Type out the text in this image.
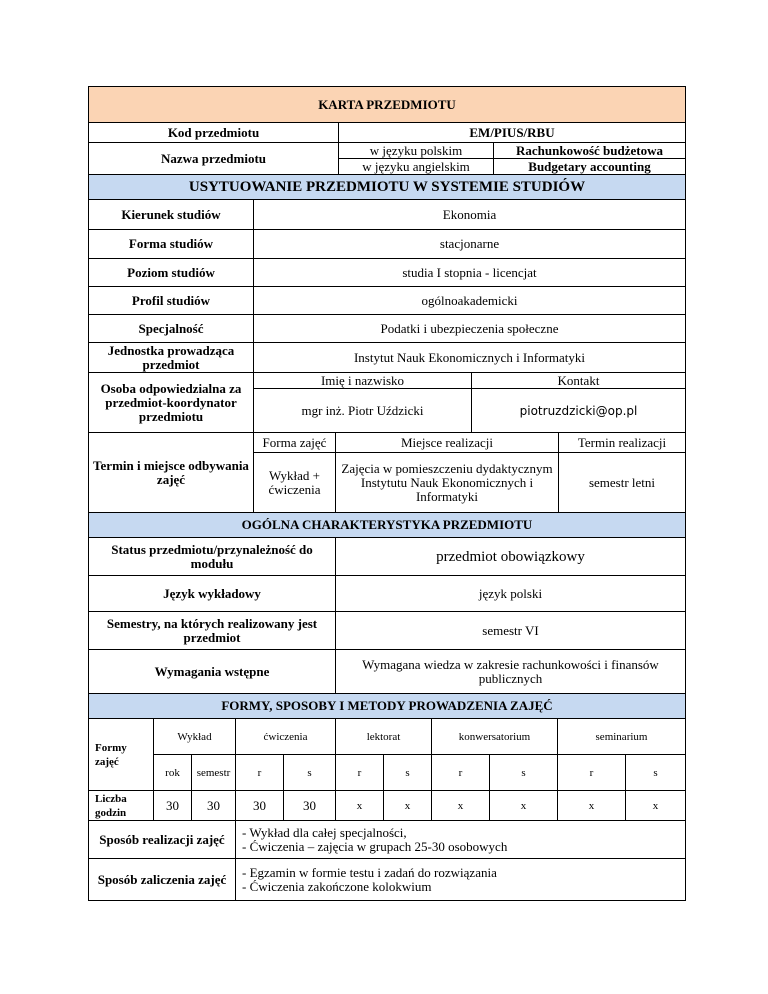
KARTA PRZEDMIOTU
Kod przedmiotu	EM/PIUS/RBU	
Nazwa przedmiotu	w języku polskim	Rachunkowość budżetowa
	w języku angielskim	Budgetary accounting
USYTUOWANIE PRZEDMIOTU W SYSTEMIE STUDIÓW				
Kierunek studiów	Ekonomia			
Forma studiów	stacjonarne			
Poziom studiów	studia I stopnia - licencjat			
Profil studiów	ogólnoakademicki			
Specjalność	Podatki i ubezpieczenia społeczne			
Jednostka prowadząca przedmiot	Instytut Nauk Ekonomicznych i Informatyki			
Osoba odpowiedzialna za przedmiot-koordynator przedmiotu	Imię i nazwisko		Kontakt	
	mgr inż. Piotr Uździcki		piotruzdzicki@op.pl	
Termin i miejsce odbywania zajęć	Forma zajęć	Miejsce realizacji		Termin realizacji
	Wykład + ćwiczenia	Zajęcia w pomieszczeniu dydaktycznym Instytutu Nauk Ekonomicznych i Informatyki		semestr letni
OGÓLNA CHARAKTERYSTYKA PRZEDMIOTU	
Status przedmiotu/przynależność do modułu	przedmiot obowiązkowy
Język wykładowy	język polski
Semestry, na których realizowany jest przedmiot	semestr VI
Wymagania wstępne	Wymagana wiedza w zakresie rachunkowości i finansów publicznych
FORMY, SPOSOBY I METODY PROWADZENIA ZAJĘĆ										
Formy zajęć	Wykład		ćwiczenia		lektorat		konwersatorium		seminarium	
	rok	semestr	r	s	r	s	r	s	r	s
Liczba godzin	30	30	30	30	x	x	x	x	x	x
Sposób realizacji zajęć	- Wykład dla całej specjalności,
- Ćwiczenia – zajęcia w grupach 25-30 osobowych

Sposób zaliczenia zajęć	- Egzamin w formie testu i zadań do rozwiązania
- Ćwiczenia zakończone kolokwium
